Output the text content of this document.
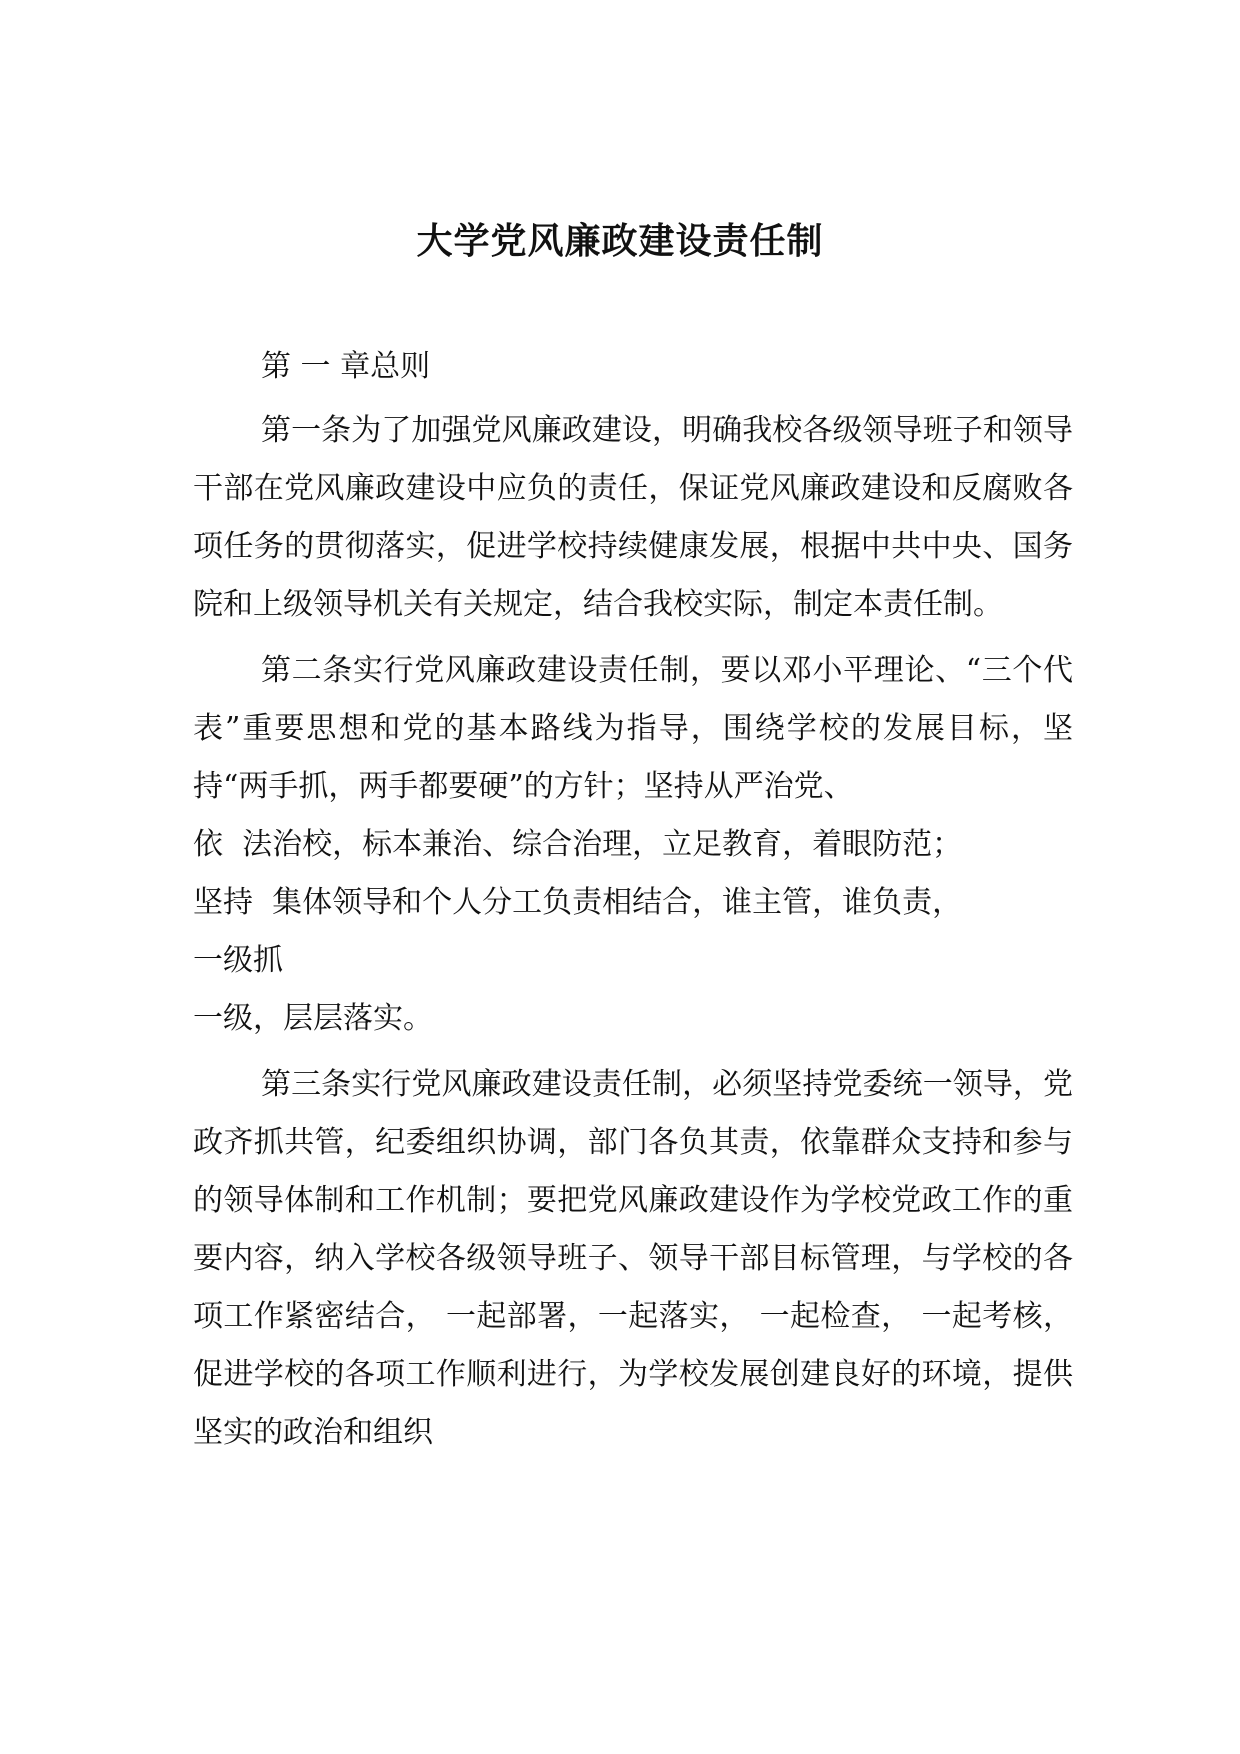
大学党风廉政建设责任制

第 一 章总则

第一条为了加强党风廉政建设，明确我校各级领导班子和领导干部在党风廉政建设中应负的责任，保证党风廉政建设和反腐败各项任务的贯彻落实，促进学校持续健康发展，根据中共中央、国务院和上级领导机关有关规定，结合我校实际，制定本责任制。

第二条实行党风廉政建设责任制，要以邓小平理论、“三个代表”重要思想和党的基本路线为指导，围绕学校的发展目标，坚持“两手抓，两手都要硬”的方针；坚持从严治党、

依  法治校，标本兼治、综合治理，立足教育，着眼防范；
坚持  集体领导和个人分工负责相结合，谁主管，谁负责，
一级抓
一级，层层落实。

第三条实行党风廉政建设责任制，必须坚持党委统一领导，党政齐抓共管，纪委组织协调，部门各负其责，依靠群众支持和参与的领导体制和工作机制；要把党风廉政建设作为学校党政工作的重要内容，纳入学校各级领导班子、领导干部目标管理，与学校的各项工作紧密结合， 一起部署，一起落实， 一起检查， 一起考核，促进学校的各项工作顺利进行，为学校发展创建良好的环境，提供坚实的政治和组织
